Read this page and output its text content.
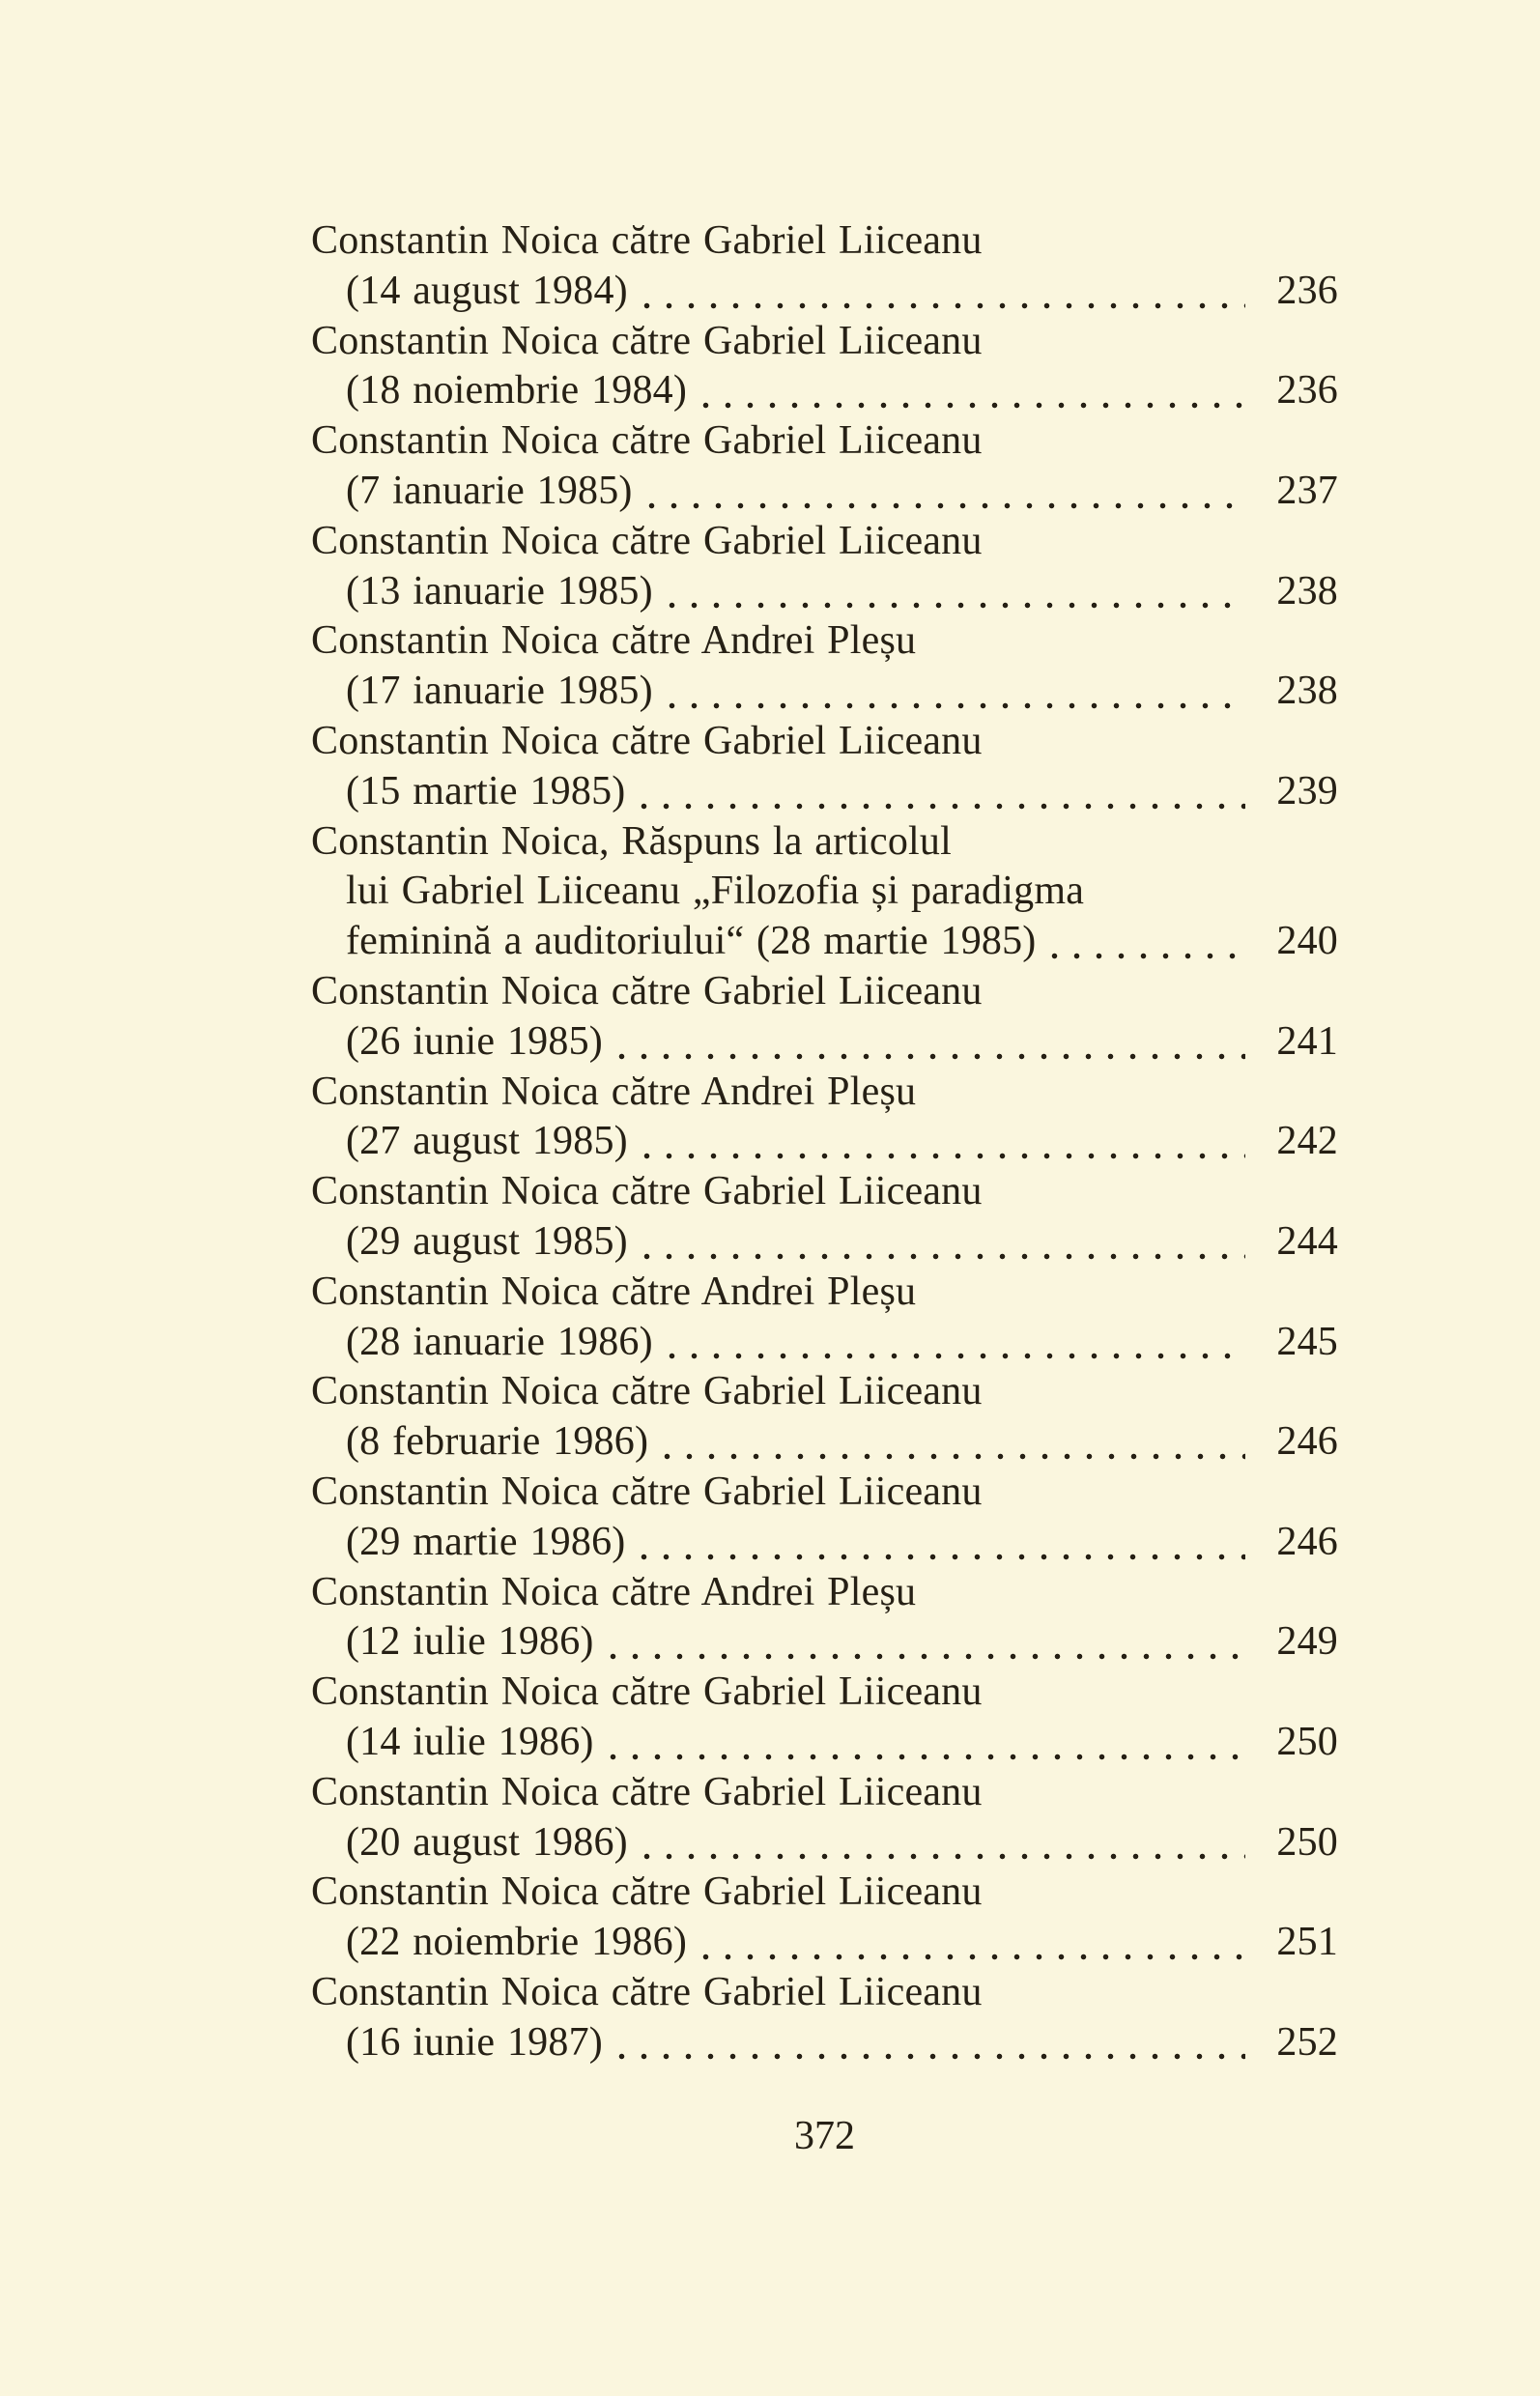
Constantin Noica către Gabriel Liiceanu
(14 august 1984)	236
Constantin Noica către Gabriel Liiceanu
(18 noiembrie 1984)	236
Constantin Noica către Gabriel Liiceanu
(7 ianuarie 1985)	237
Constantin Noica către Gabriel Liiceanu
(13 ianuarie 1985)	238
Constantin Noica către Andrei Pleșu
(17 ianuarie 1985)	238
Constantin Noica către Gabriel Liiceanu
(15 martie 1985)	239
Constantin Noica, Răspuns la articolul
lui Gabriel Liiceanu „Filozofia și paradigma
feminină a auditoriului“ (28 martie 1985)	240
Constantin Noica către Gabriel Liiceanu
(26 iunie 1985)	241
Constantin Noica către Andrei Pleșu
(27 august 1985)	242
Constantin Noica către Gabriel Liiceanu
(29 august 1985)	244
Constantin Noica către Andrei Pleșu
(28 ianuarie 1986)	245
Constantin Noica către Gabriel Liiceanu
(8 februarie 1986)	246
Constantin Noica către Gabriel Liiceanu
(29 martie 1986)	246
Constantin Noica către Andrei Pleșu
(12 iulie 1986)	249
Constantin Noica către Gabriel Liiceanu
(14 iulie 1986)	250
Constantin Noica către Gabriel Liiceanu
(20 august 1986)	250
Constantin Noica către Gabriel Liiceanu
(22 noiembrie 1986)	251
Constantin Noica către Gabriel Liiceanu
(16 iunie 1987)	252
372
